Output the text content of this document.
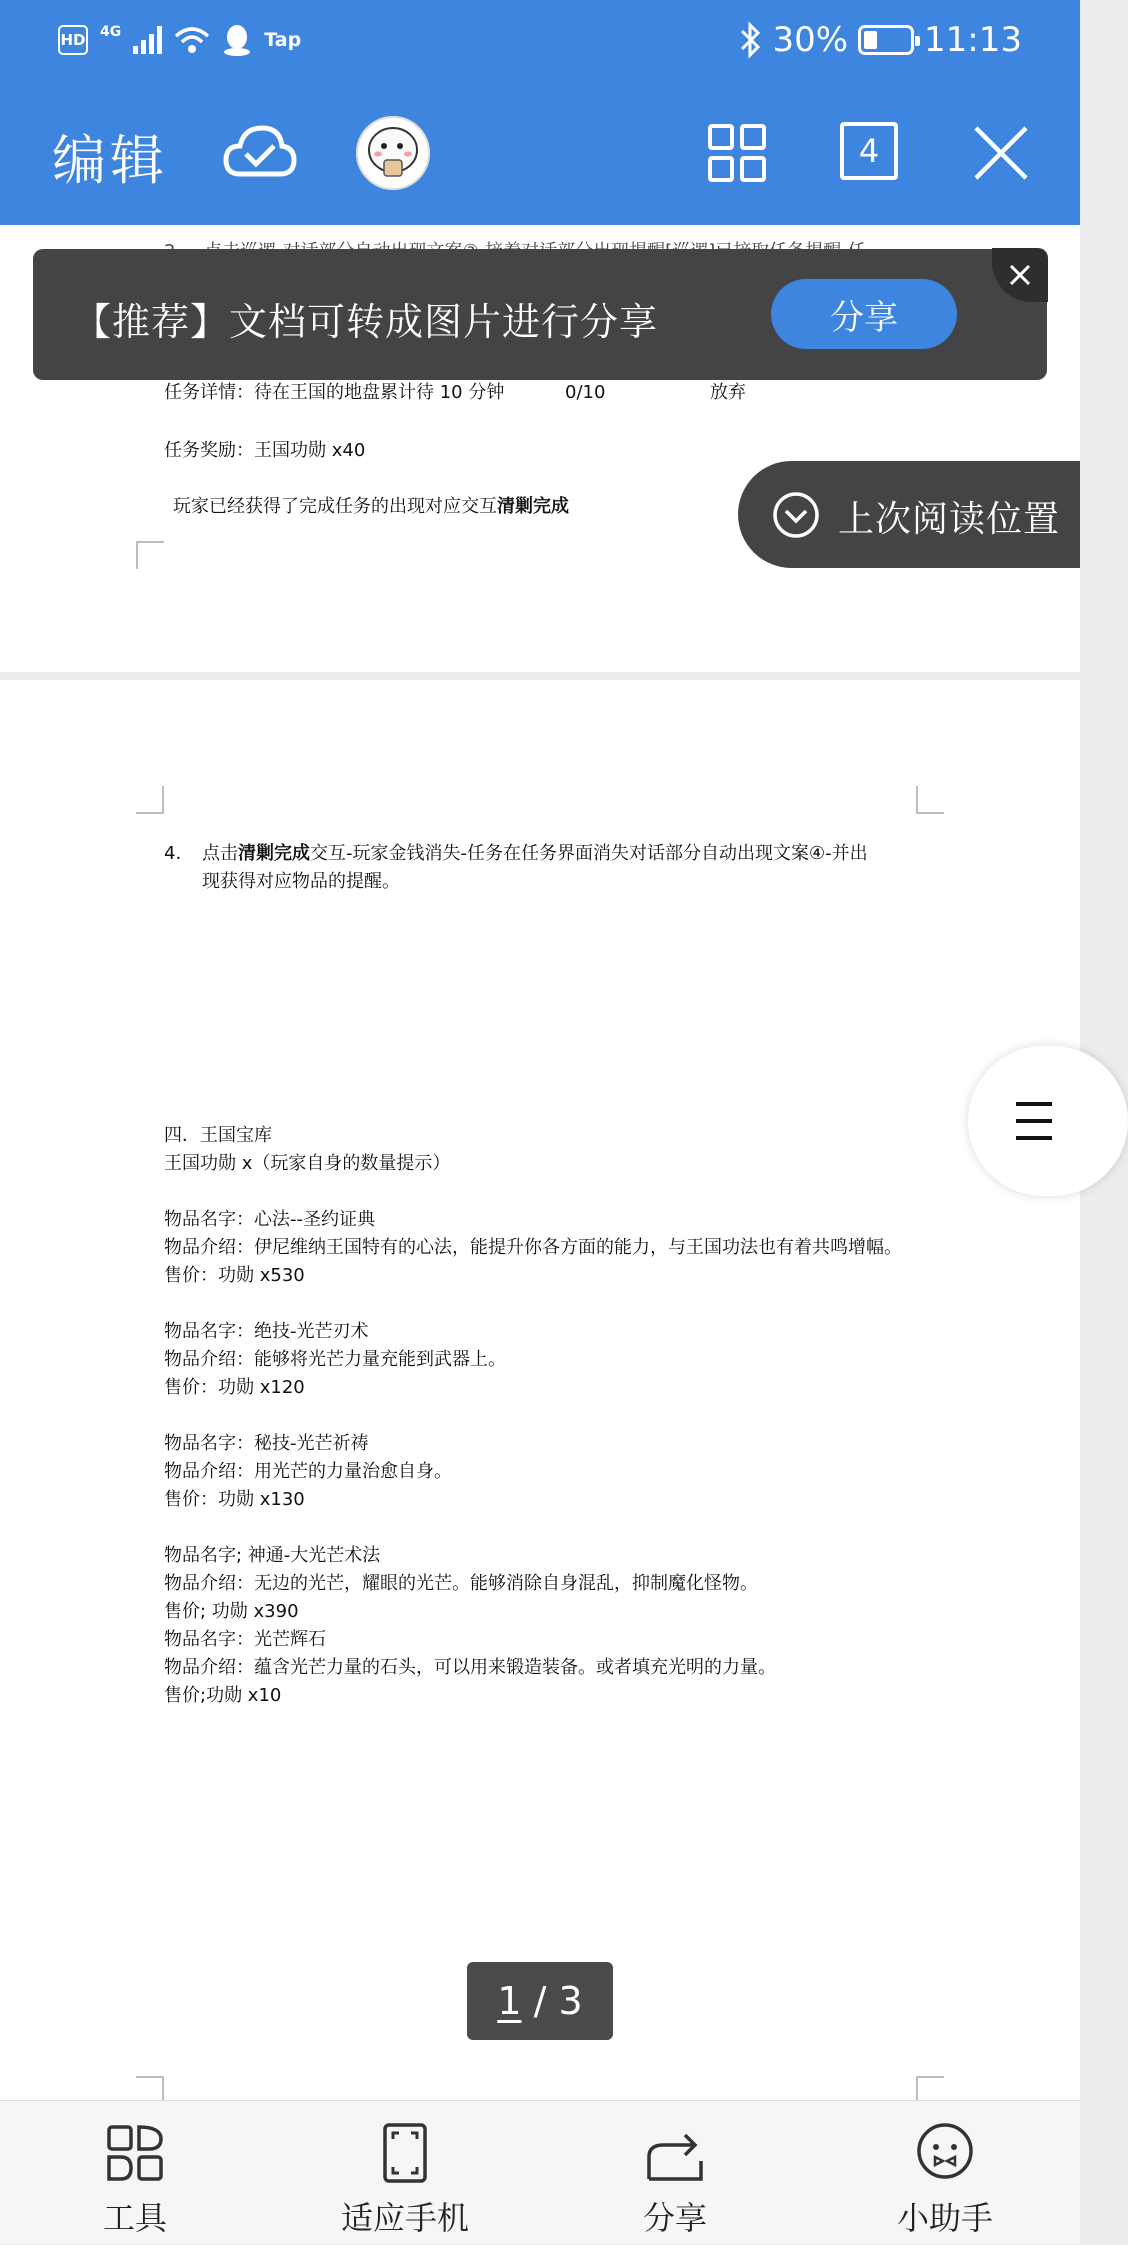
HD 4G	Tap	30% 11:13
编辑	4
任务详情：待在王国的地盘累计待 10 分钟	0/10	放弃
任务奖励：王国功勋 x40
玩家已经获得了完成任务的出现对应交互清剿完成
4. 点击清剿完成交互-玩家金钱消失-任务在任务界面消失对话部分自动出现文案④-并出
现获得对应物品的提醒。
四．王国宝库
王国功勋 x（玩家自身的数量提示）
物品名字：心法--圣约证典
物品介绍：伊尼维纳王国特有的心法，能提升你各方面的能力，与王国功法也有着共鸣增幅。
售价：功勋 x530
物品名字：绝技-光芒刃术
物品介绍：能够将光芒力量充能到武器上。
售价：功勋 x120
物品名字：秘技-光芒祈祷
物品介绍：用光芒的力量治愈自身。
售价：功勋 x130
物品名字; 神通-大光芒术法
物品介绍：无边的光芒，耀眼的光芒。能够消除自身混乱，抑制魔化怪物。
售价; 功勋 x390
物品名字：光芒辉石
物品介绍：蕴含光芒力量的石头，可以用来锻造装备。或者填充光明的力量。
售价;功勋 x10
【推荐】文档可转成图片进行分享	分享
上次阅读位置
1 / 3
工具	适应手机	分享	小助手
